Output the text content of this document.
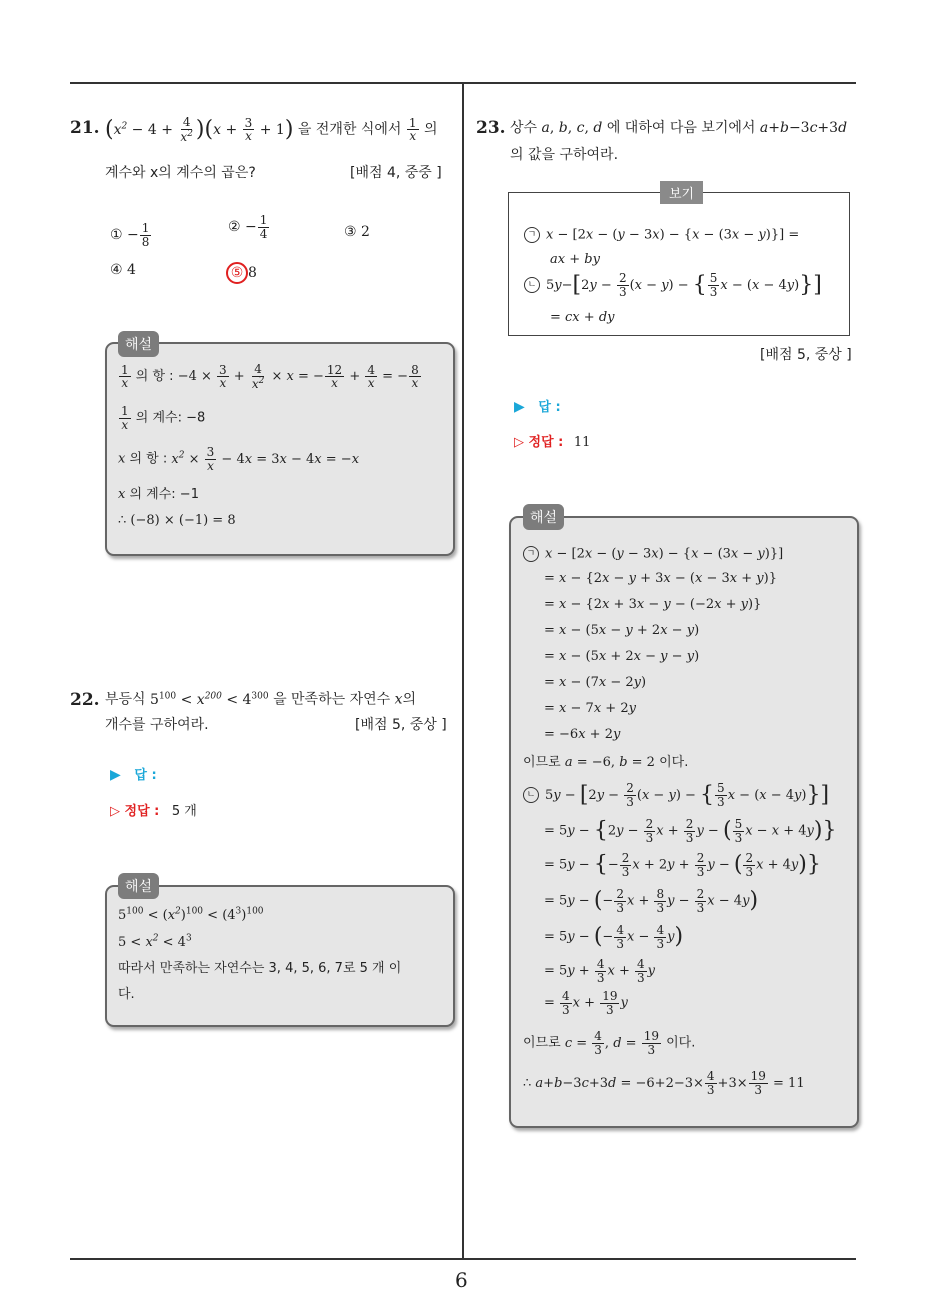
6
21. $(x^2 - 4 + \frac{4}{x^2} )(x + \frac{3}{x} + 1)$ 을 전개한 식에서 $\frac{1}{x}$ 의
계수와 x의 계수의 곱은?	[배점 4, 중중 ]
① − $\frac{1}{8}$	② − $\frac{1}{4}$	③ 2
④ 4	⑤ 8
해설
$\frac{1}{x}$ 의 항 : $-4 \times \frac{3}{x} + \frac{4}{x^2} \times x$ = − $\frac{12}{x} + \frac{4}{x}$ = − $\frac{8}{x}$
$\frac{1}{x}$ 의 계수: −8
x 의 항 : $x^2 \times \frac{3}{x} - 4x = 3x - 4x = -x$
x 의 계수: −1
∴ (−8) × (−1) = 8
22. 부등식 $5^{100} < x^{200} < 4^{300}$ 을 만족하는 자연수 x의
개수를 구하여라.	[배점 5, 중상 ]
▶ 답 :
▷ 정답 : 5 개
해설
$5^{100} < (x^2)^{100} < (4^3)^{100}$
$5 < x^2 < 4^3$
따라서 만족하는 자연수는 3, 4, 5, 6, 7로 5 개 이
다.
23. 상수 a, b, c, d 에 대하여 다음 보기에서 a+b−3c+3d
의 값을 구하여라.
보기
ㄱ x − [2x − (y − 3x) − {x − (3x − y)}] =
ax + by
ㄴ $5y-[2y - \frac{2}{3} (x - y)$ − { $\frac{5}{3}$ x − (x − 4y)}]
= cx + dy
[배점 5, 중상 ]
▶ 답 :
▷ 정답 : 11
해설
ㄱ x − [2x − (y − 3x) − {x − (3x − y)}]
= x − {2x − y + 3x − (x − 3x + y)}
= x − {2x + 3x − y − (−2x + y)}
= x − (5x − y + 2x − y)
= x − (5x + 2x − y − y)
= x − (7x − 2y)
= x − 7x + 2y
= −6x + 2y
이므로 a = −6, b = 2 이다.
ㄴ $5y - [2y - \frac{2}{3} (x - y)$ − { $\frac{5}{3}$ x − (x − 4y)}]
= $5y - \{2y - \frac{2}{3}$ $x + \frac{2}{3}$ y − ( $\frac{5}{3}$ x − x + 4y)}
= 5y − {− $\frac{2}{3}$ $x + 2y + \frac{2}{3}$ y − ( $\frac{2}{3}$ x + 4y)}
= 5y − (− $\frac{2}{3}$ $x + \frac{8}{3}$ $y - \frac{2}{3}$ x − 4y)
= 5y − (− $\frac{4}{3}$ $x - \frac{4}{3} y$)
= $5y + \frac{4}{3}$ $x + \frac{4}{3}$ y
= $\frac{4}{3}$ $x + \frac{19}{3}$ y
이므로 $c = \frac{4}{3}$ , $d = \frac{19}{3}$ 이다.
∴ $a+b-3c+3d = -6+2-3\times \frac{4}{3} +3\times \frac{19}{3} = 11$
